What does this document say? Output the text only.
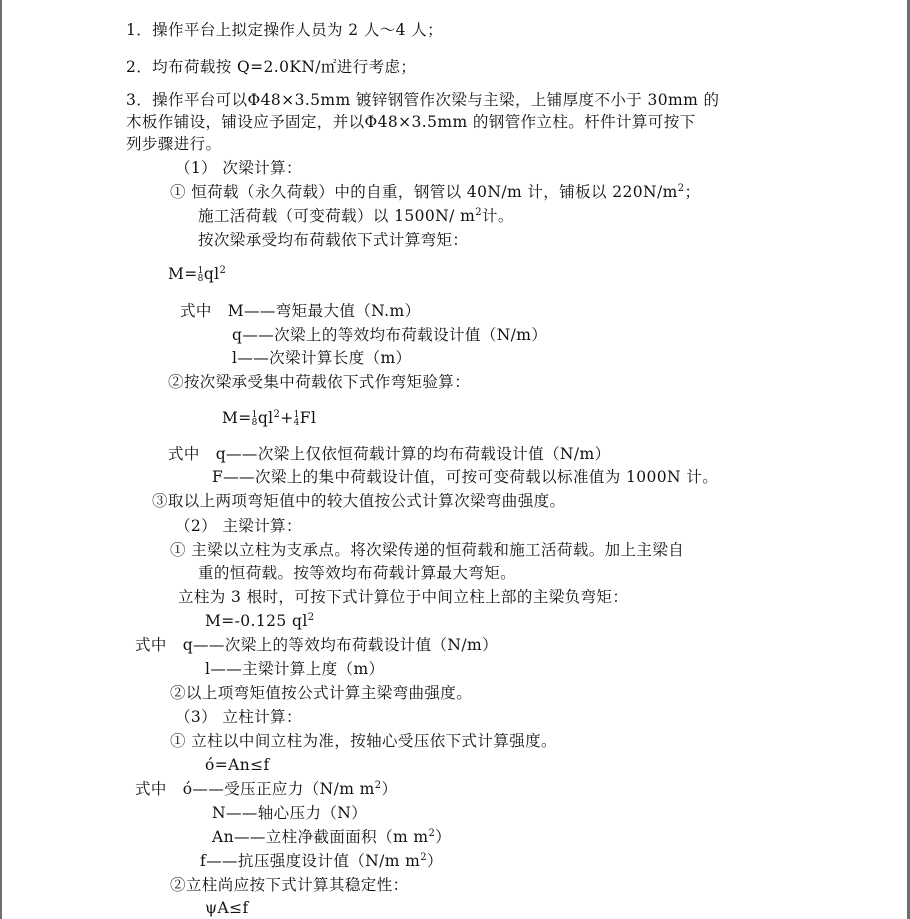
1．操作平台上拟定操作人员为 2 人～4 人；
2．均布荷载按 Q=2.0KN/㎡进行考虑；
3．操作平台可以Φ48×3.5mm 镀锌钢管作次梁与主梁，上铺厚度不小于 30mm 的
木板作铺设，铺设应予固定，并以Φ48×3.5mm 的钢管作立柱。杆件计算可按下
列步骤进行。
（1） 次梁计算：
① 恒荷载（永久荷载）中的自重，钢管以 40N/m 计，铺板以 $220N/m^2$；
施工活荷载（可变荷载）以 1500N/ $m^2$计。
按次梁承受均布荷载依下式计算弯矩：
M= 1
8 $ql^2$
式中　M——弯矩最大值（N.m）
q——次梁上的等效均布荷载设计值（N/m）
l——次梁计算长度（m）
②按次梁承受集中荷载依下式作弯矩验算：
M= 1
8 $ql^2+ 1$
4 Fl
式中　q——次梁上仅依恒荷载计算的均布荷载设计值（N/m）
F——次梁上的集中荷载设计值，可按可变荷载以标准值为 1000N 计。
③取以上两项弯矩值中的较大值按公式计算次梁弯曲强度。
（2） 主梁计算：
① 主梁以立柱为支承点。将次梁传递的恒荷载和施工活荷载。加上主梁自
重的恒荷载。按等效均布荷载计算最大弯矩。
立柱为 3 根时，可按下式计算位于中间立柱上部的主梁负弯矩：
M=-0.125 $ql^2$
式中　q——次梁上的等效均布荷载设计值（N/m）
l——主梁计算上度（m）
②以上项弯矩值按公式计算主梁弯曲强度。
（3） 立柱计算：
① 立柱以中间立柱为准，按轴心受压依下式计算强度。
ó=An≤f
式中　ó——受压正应力（N/m $m^2$）
N——轴心压力（N）
An——立柱净截面面积（m $m^2$）
f——抗压强度设计值（N/m $m^2$）
②立柱尚应按下式计算其稳定性：
ψA≤f
